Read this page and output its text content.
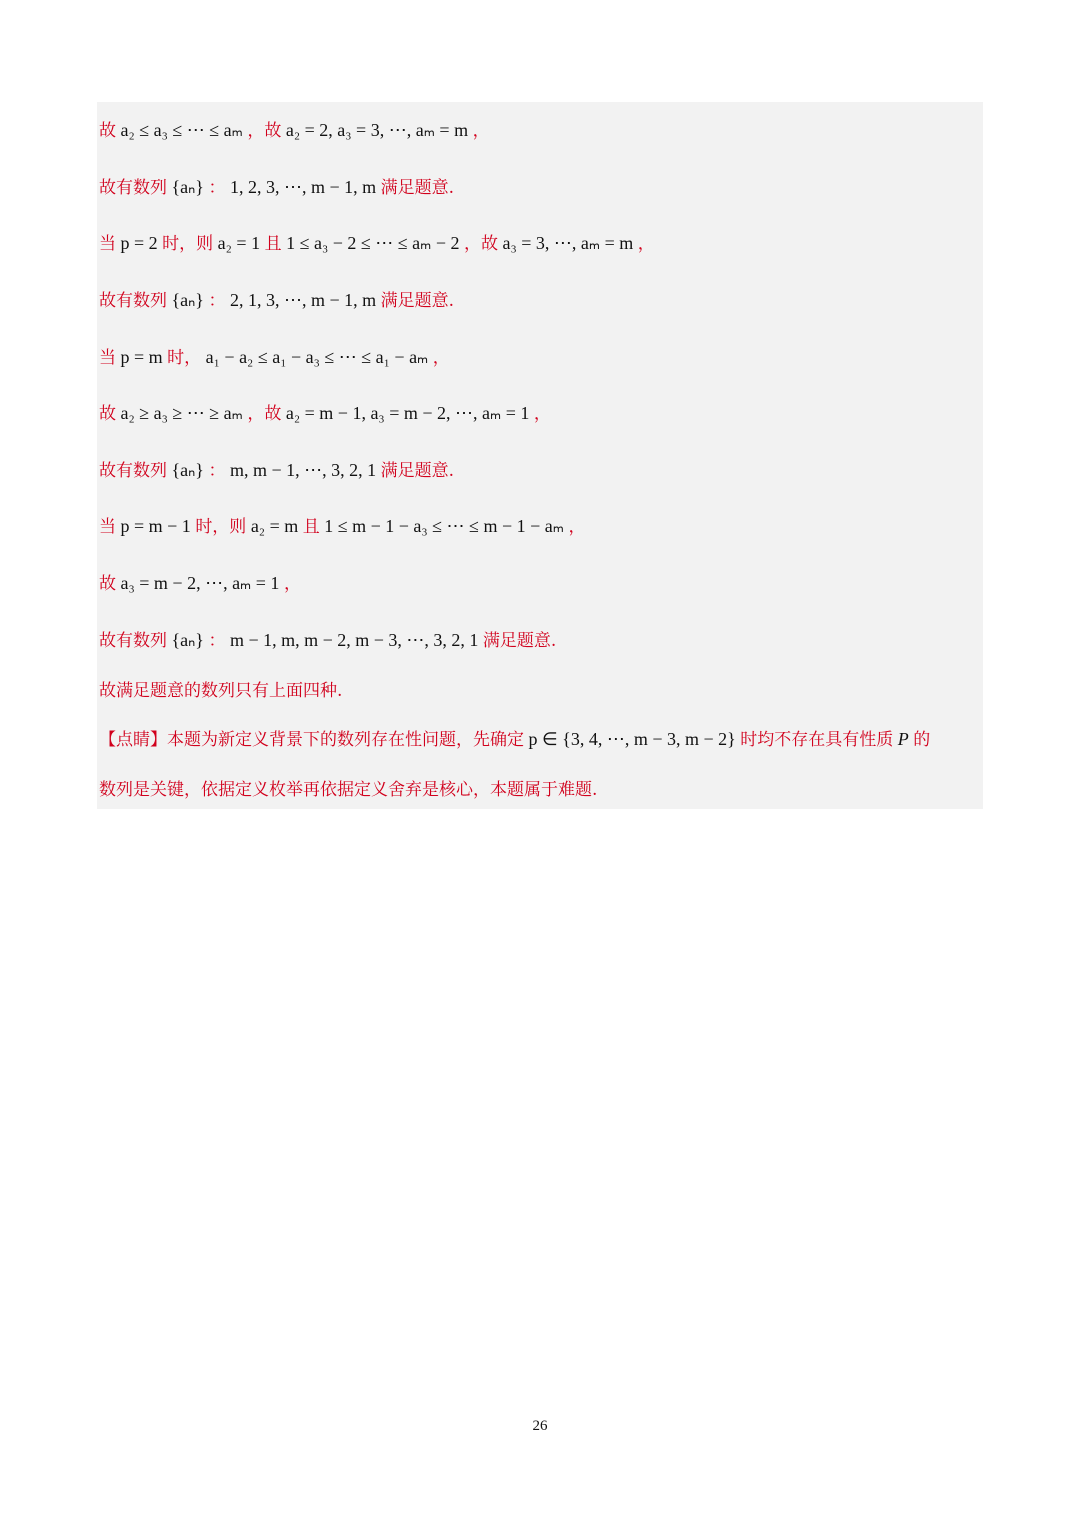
故 a₂ ≤ a₃ ≤ ⋯ ≤ aₘ ，故 a₂ = 2, a₃ = 3, ⋯, aₘ = m ，
故有数列 {aₙ} ： 1, 2, 3, ⋯, m − 1, m 满足题意.
当 p = 2 时，则 a₂ = 1 且 1 ≤ a₃ − 2 ≤ ⋯ ≤ aₘ − 2 ，故 a₃ = 3, ⋯, aₘ = m ，
故有数列 {aₙ} ： 2, 1, 3, ⋯, m − 1, m 满足题意.
当 p = m 时， a₁ − a₂ ≤ a₁ − a₃ ≤ ⋯ ≤ a₁ − aₘ ，
故 a₂ ≥ a₃ ≥ ⋯ ≥ aₘ ，故 a₂ = m − 1, a₃ = m − 2, ⋯, aₘ = 1 ，
故有数列 {aₙ} ： m, m − 1, ⋯, 3, 2, 1 满足题意.
当 p = m − 1 时，则 a₂ = m 且 1 ≤ m − 1 − a₃ ≤ ⋯ ≤ m − 1 − aₘ ，
故 a₃ = m − 2, ⋯, aₘ = 1 ，
故有数列 {aₙ} ： m − 1, m, m − 2, m − 3, ⋯, 3, 2, 1 满足题意.
故满足题意的数列只有上面四种.
【点睛】本题为新定义背景下的数列存在性问题，先确定 p ∈ {3, 4, ⋯, m − 3, m − 2} 时均不存在具有性质 P 的
数列是关键，依据定义枚举再依据定义舍弃是核心，本题属于难题.
26
